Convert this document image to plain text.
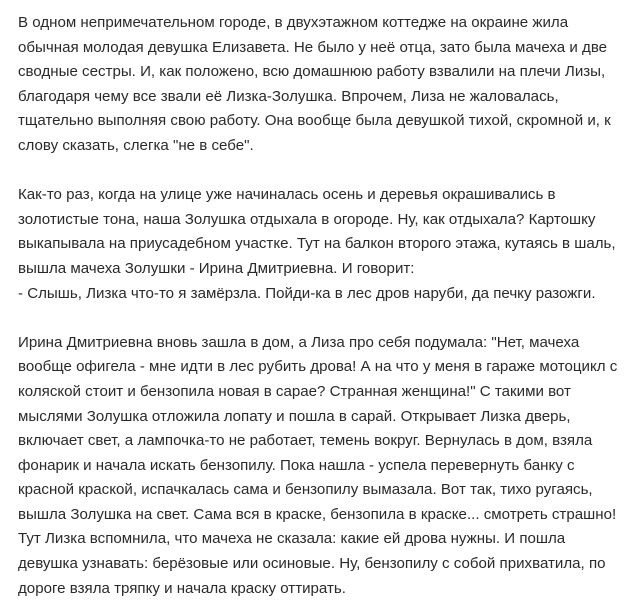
В одном непримечательном городе, в двухэтажном коттедже на окраине жила
обычная молодая девушка Елизавета. Не было у неё отца, зато была мачеха и две
сводные сестры. И, как положено, всю домашнюю работу взвалили на плечи Лизы,
благодаря чему все звали её Лизка-Золушка. Впрочем, Лиза не жаловалась,
тщательно выполняя свою работу. Она вообще была девушкой тихой, скромной и, к
слову сказать, слегка "не в себе".

Как-то раз, когда на улице уже начиналась осень и деревья окрашивались в
золотистые тона, наша Золушка отдыхала в огороде. Ну, как отдыхала? Картошку
выкапывала на приусадебном участке. Тут на балкон второго этажа, кутаясь в шаль,
вышла мачеха Золушки - Ирина Дмитриевна. И говорит:
- Слышь, Лизка что-то я замёрзла. Пойди-ка в лес дров наруби, да печку разожги.

Ирина Дмитриевна вновь зашла в дом, а Лиза про себя подумала: "Нет, мачеха
вообще офигела - мне идти в лес рубить дрова! А на что у меня в гараже мотоцикл с
коляской стоит и бензопила новая в сарае? Странная женщина!" С такими вот
мыслями Золушка отложила лопату и пошла в сарай. Открывает Лизка дверь,
включает свет, а лампочка-то не работает, темень вокруг. Вернулась в дом, взяла
фонарик и начала искать бензопилу. Пока нашла - успела перевернуть банку с
красной краской, испачкалась сама и бензопилу вымазала. Вот так, тихо ругаясь,
вышла Золушка на свет. Сама вся в краске, бензопила в краске... смотреть страшно!
Тут Лизка вспомнила, что мачеха не сказала: какие ей дрова нужны. И пошла
девушка узнавать: берёзовые или осиновые. Ну, бензопилу с собой прихватила, по
дороге взяла тряпку и начала краску оттирать.
